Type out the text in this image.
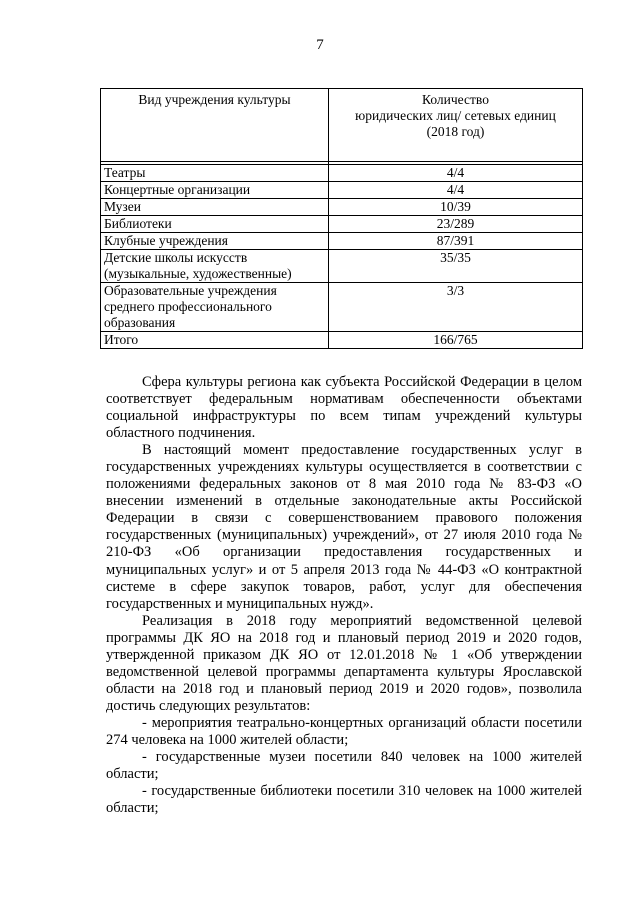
7
Вид учреждения культуры	Количество
юридических лиц/ сетевых единиц
(2018 год)

Театры	4/4
Концертные организации	4/4
Музеи	10/39
Библиотеки	23/289
Клубные учреждения	87/391
Детские школы искусств (музыкальные, художественные)	35/35
Образовательные учреждения среднего профессионального образования	3/3
Итого	166/765

Сфера культуры региона как субъекта Российской Федерации в целом соответствует федеральным нормативам обеспеченности объектами социальной инфраструктуры по всем типам учреждений культуры областного подчинения.

В настоящий момент предоставление государственных услуг в государственных учреждениях культуры осуществляется в соответствии с положениями федеральных законов от 8 мая 2010 года № 83-ФЗ «О внесении изменений в отдельные законодательные акты Российской Федерации в связи с совершенствованием правового положения государственных (муниципальных) учреждений», от 27 июля 2010 года № 210-ФЗ «Об организации предоставления государственных и муниципальных услуг» и от 5 апреля 2013 года № 44-ФЗ «О контрактной системе в сфере закупок товаров, работ, услуг для обеспечения государственных и муниципальных нужд».

Реализация в 2018 году мероприятий ведомственной целевой программы ДК ЯО на 2018 год и плановый период 2019 и 2020 годов, утвержденной приказом ДК ЯО от 12.01.2018 № 1 «Об утверждении ведомственной целевой программы департамента культуры Ярославской области на 2018 год и плановый период 2019 и 2020 годов», позволила достичь следующих результатов:

- мероприятия театрально-концертных организаций области посетили 274 человека на 1000 жителей области;

- государственные музеи посетили 840 человек на 1000 жителей области;

- государственные библиотеки посетили 310 человек на 1000 жителей области;
